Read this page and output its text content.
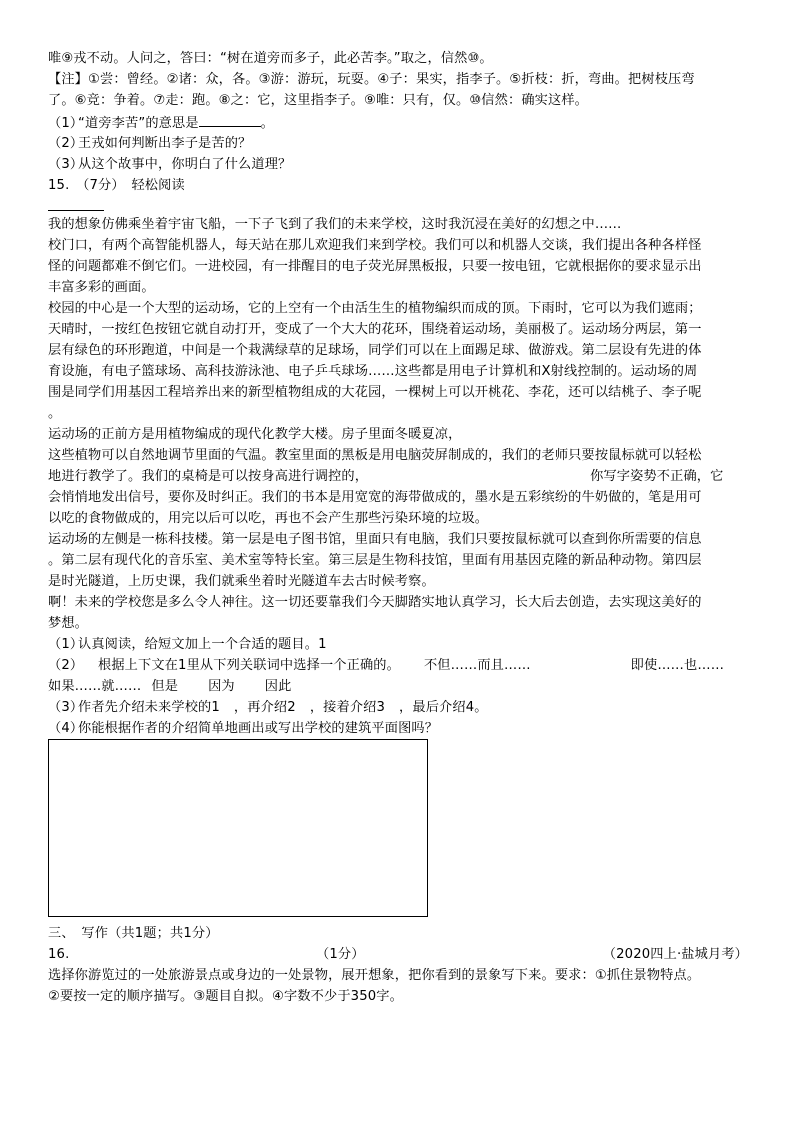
唯⑨戎不动。人问之，答曰：“树在道旁而多子，此必苦李。”取之，信然⑩。
【注】①尝：曾经。②诸：众，各。③游：游玩，玩耍。④子：果实，指李子。⑤折枝：折，弯曲。把树枝压弯
了。⑥竞：争着。⑦走：跑。⑧之：它，这里指李子。⑨唯：只有，仅。⑩信然：确实这样。
（1）“道旁李苦”的意思是	。
（2）王戎如何判断出李子是苦的？
（3）从这个故事中，你明白了什么道理？
15.　（7分）　轻松阅读
我的想象仿佛乘坐着宇宙飞船，一下子飞到了我们的未来学校，这时我沉浸在美好的幻想之中……
校门口，有两个高智能机器人，每天站在那儿欢迎我们来到学校。我们可以和机器人交谈，我们提出各种各样怪
怪的问题都难不倒它们。一进校园，有一排醒目的电子荧光屏黑板报，只要一按电钮，它就根据你的要求显示出
丰富多彩的画面。
校园的中心是一个大型的运动场，它的上空有一个由活生生的植物编织而成的顶。下雨时，它可以为我们遮雨；
天晴时，一按红色按钮它就自动打开，变成了一个大大的花环，围绕着运动场，美丽极了。运动场分两层，第一
层有绿色的环形跑道，中间是一个栽满绿草的足球场，同学们可以在上面踢足球、做游戏。第二层设有先进的体
育设施，有电子篮球场、高科技游泳池、电子乒乓球场……这些都是用电子计算机和X射线控制的。运动场的周
围是同学们用基因工程培养出来的新型植物组成的大花园，一棵树上可以开桃花、李花，还可以结桃子、李子呢
。
运动场的正前方是用植物编成的现代化教学大楼。房子里面冬暖夏凉，
这些植物可以自然地调节里面的气温。教室里面的黑板是用电脑荧屏制成的，我们的老师只要按鼠标就可以轻松
地进行教学了。我们的桌椅是可以按身高进行调控的，	你写字姿势不正确，它
会悄悄地发出信号，要你及时纠正。我们的书本是用宽宽的海带做成的，墨水是五彩缤纷的牛奶做的，笔是用可
以吃的食物做成的，用完以后可以吃，再也不会产生那些污染环境的垃圾。
运动场的左侧是一栋科技楼。第一层是电子图书馆，里面只有电脑，我们只要按鼠标就可以查到你所需要的信息
。第二层有现代化的音乐室、美术室等特长室。第三层是生物科技馆，里面有用基因克隆的新品种动物。第四层
是时光隧道，上历史课，我们就乘坐着时光隧道车去古时候考察。
啊！未来的学校您是多么令人神往。这一切还要靠我们今天脚踏实地认真学习，长大后去创造，去实现这美好的
梦想。
（1）认真阅读，给短文加上一个合适的题目。1
（2） 根据上下文在1里从下列关联词中选择一个正确的。 不但……而且……	即使……也……
如果……就…… 但是 因为 因此
（3）作者先介绍未来学校的1 ，再介绍2 ，接着介绍3 ，最后介绍4。
（4）你能根据作者的介绍简单地画出或写出学校的建筑平面图吗？
三、　写作（共1题；共1分）
16.	（1分）	（2020四上·盐城月考）
选择你游览过的一处旅游景点或身边的一处景物，展开想象，把你看到的景象写下来。要求：①抓住景物特点。
②要按一定的顺序描写。③题目自拟。④字数不少于350字。
